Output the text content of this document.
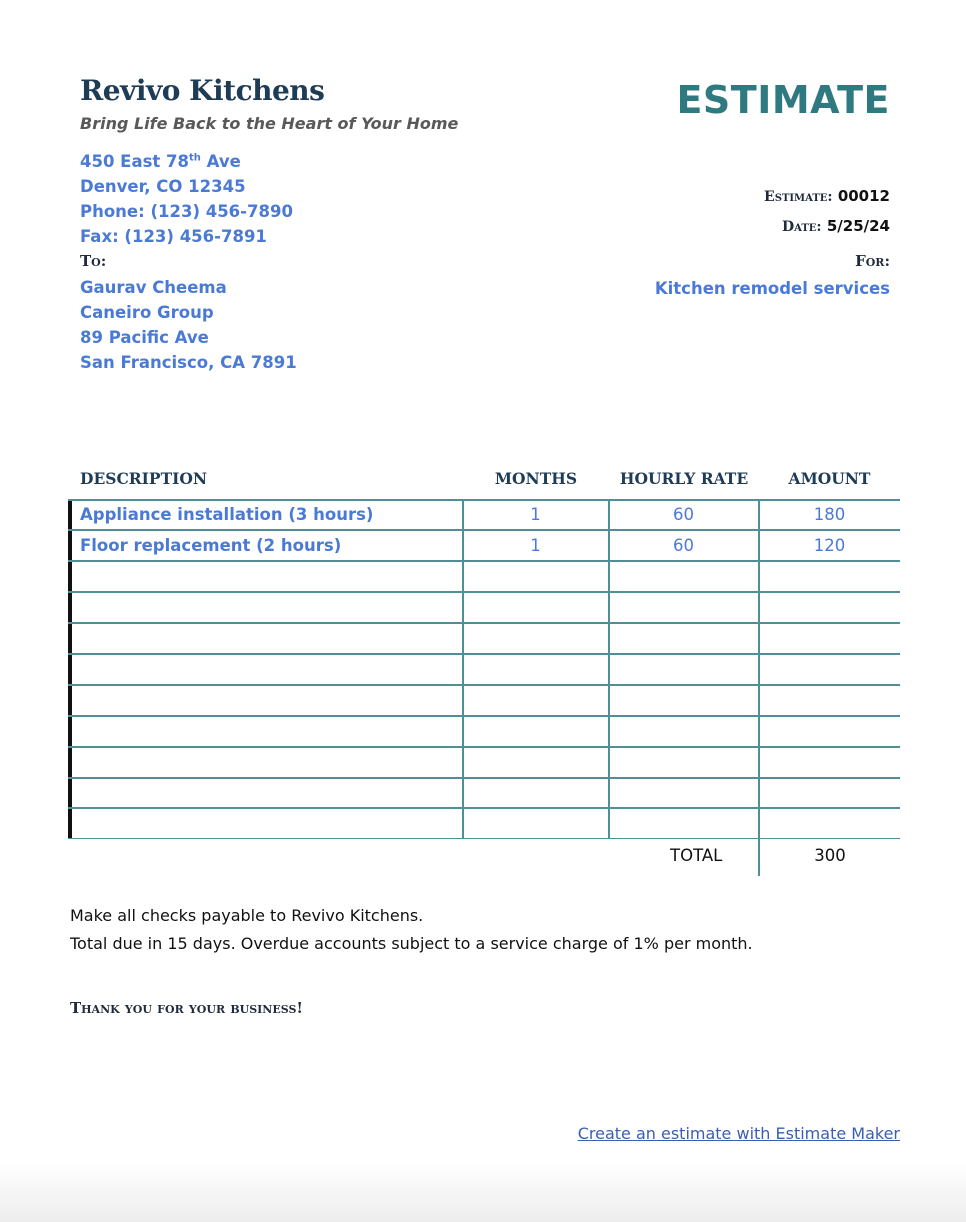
Revivo Kitchens
Bring Life Back to the Heart of Your Home
ESTIMATE
450 East 78th Ave
Denver, CO 12345
Phone: (123) 456-7890
Fax: (123) 456-7891
Estimate: 00012
Date: 5/25/24
To:	For:
Kitchen remodel services
Gaurav Cheema
Caneiro Group
89 Pacific Ave
San Francisco, CA 7891
DESCRIPTION	MONTHS	HOURLY RATE	AMOUNT
Appliance installation (3 hours)	1	60	180
Floor replacement (2 hours)	1	60	120
TOTAL	300
Make all checks payable to Revivo Kitchens.
Total due in 15 days. Overdue accounts subject to a service charge of 1% per month.
Thank you for your business!
Create an estimate with Estimate Maker
